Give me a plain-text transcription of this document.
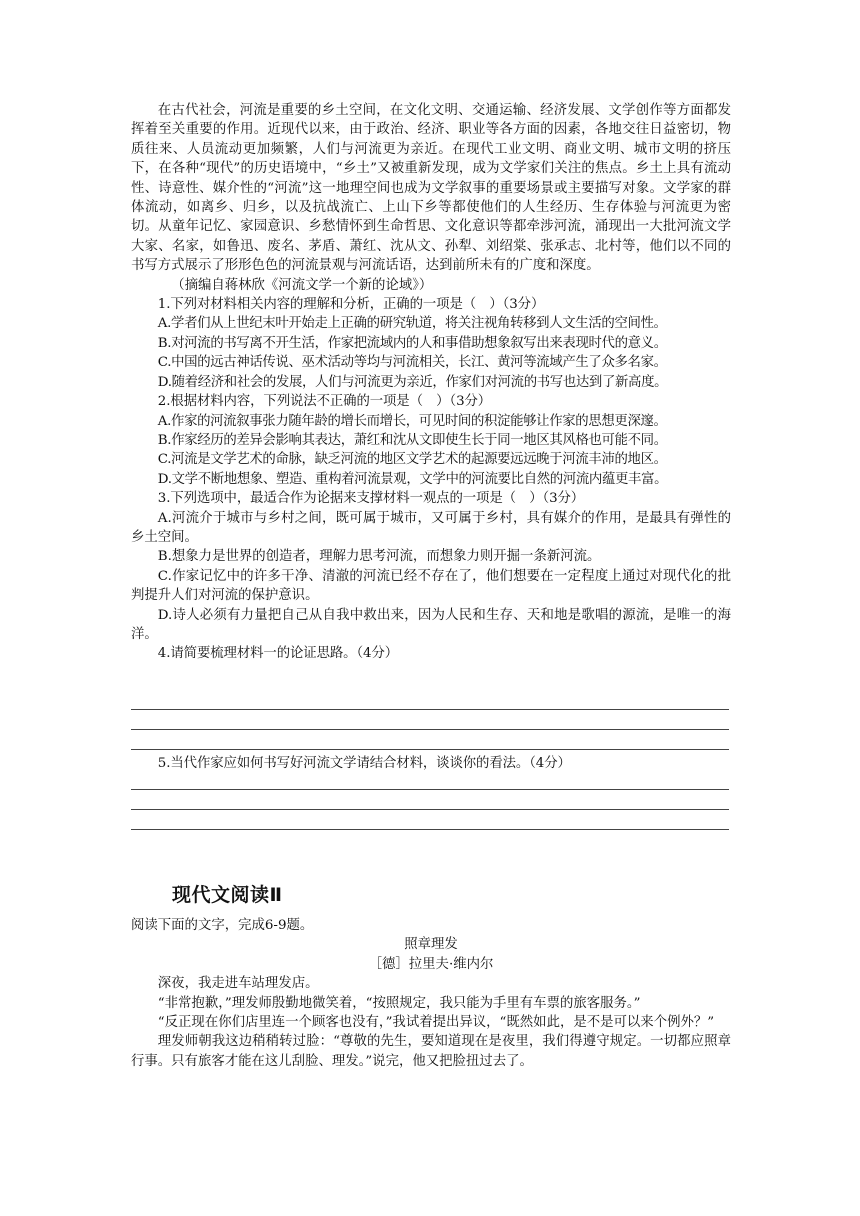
在古代社会，河流是重要的乡土空间，在文化文明、交通运输、经济发展、文学创作等方面都发挥着至关重要的作用。近现代以来，由于政治、经济、职业等各方面的因素，各地交往日益密切，物质往来、人员流动更加频繁，人们与河流更为亲近。在现代工业文明、商业文明、城市文明的挤压下，在各种“现代”的历史语境中，“乡土”又被重新发现，成为文学家们关注的焦点。乡土上具有流动性、诗意性、媒介性的“河流”这一地理空间也成为文学叙事的重要场景或主要描写对象。文学家的群体流动，如离乡、归乡，以及抗战流亡、上山下乡等都使他们的人生经历、生存体验与河流更为密切。从童年记忆、家园意识、乡愁情怀到生命哲思、文化意识等都牵涉河流，涌现出一大批河流文学大家、名家，如鲁迅、废名、茅盾、萧红、沈从文、孙犁、刘绍棠、张承志、北村等，他们以不同的书写方式展示了形形色色的河流景观与河流话语，达到前所未有的广度和深度。

（摘编自蒋林欣《河流文学一个新的论域》）

1.下列对材料相关内容的理解和分析，正确的一项是（　）（3分）

A.学者们从上世纪末叶开始走上正确的研究轨道，将关注视角转移到人文生活的空间性。

B.对河流的书写离不开生活，作家把流域内的人和事借助想象叙写出来表现时代的意义。

C.中国的远古神话传说、巫术活动等均与河流相关，长江、黄河等流域产生了众多名家。

D.随着经济和社会的发展，人们与河流更为亲近，作家们对河流的书写也达到了新高度。

2.根据材料内容，下列说法不正确的一项是（　）（3分）

A.作家的河流叙事张力随年龄的增长而增长，可见时间的积淀能够让作家的思想更深邃。

B.作家经历的差异会影响其表达，萧红和沈从文即使生长于同一地区其风格也可能不同。

C.河流是文学艺术的命脉，缺乏河流的地区文学艺术的起源要远远晚于河流丰沛的地区。

D.文学不断地想象、塑造、重构着河流景观，文学中的河流要比自然的河流内蕴更丰富。

3.下列选项中，最适合作为论据来支撑材料一观点的一项是（　）（3分）

A.河流介于城市与乡村之间，既可属于城市，又可属于乡村，具有媒介的作用，是最具有弹性的乡土空间。

B.想象力是世界的创造者，理解力思考河流，而想象力则开掘一条新河流。

C.作家记忆中的许多干净、清澈的河流已经不存在了，他们想要在一定程度上通过对现代化的批判提升人们对河流的保护意识。

D.诗人必须有力量把自己从自我中救出来，因为人民和生存、天和地是歌唱的源流，是唯一的海洋。

4.请简要梳理材料一的论证思路。（4分）

5.当代作家应如何书写好河流文学请结合材料，谈谈你的看法。（4分）

现代文阅读Ⅱ

阅读下面的文字，完成6-9题。

照章理发

［德］拉里夫·维内尔

深夜，我走进车站理发店。

“非常抱歉，”理发师殷勤地微笑着，“按照规定，我只能为手里有车票的旅客服务。”

“反正现在你们店里连一个顾客也没有，”我试着提出异议，“既然如此，是不是可以来个例外？”

理发师朝我这边稍稍转过脸：“尊敬的先生，要知道现在是夜里，我们得遵守规定。一切都应照章行事。只有旅客才能在这儿刮脸、理发。”说完，他又把脸扭过去了。
